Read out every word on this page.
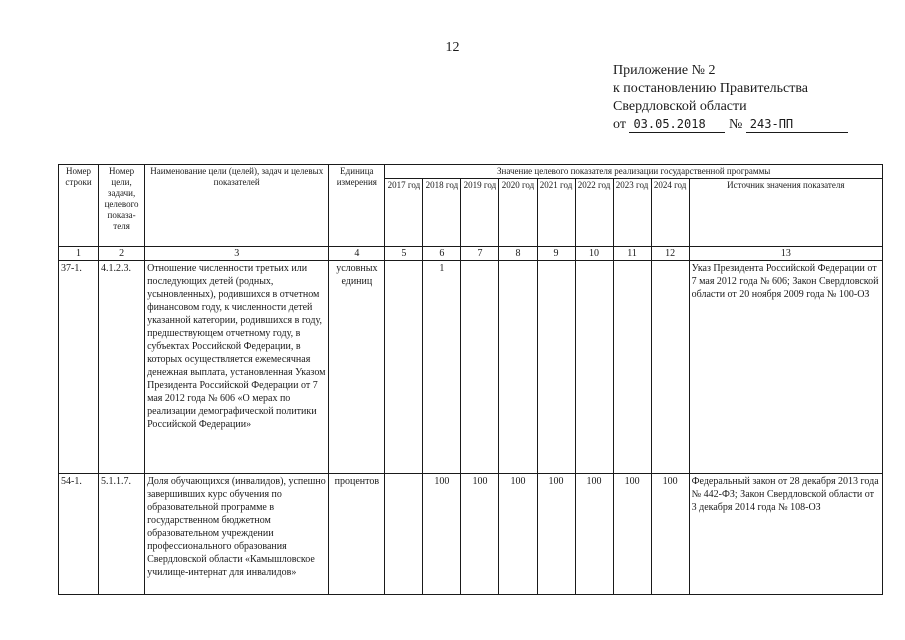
12
Приложение № 2
к постановлению Правительства
Свердловской области
от 03.05.2018 № 243-ПП
Номер строки	Номер цели, задачи, целевого показа-теля	Наименование цели (целей), задач и целевых показателей	Единица измерения	Значение целевого показателя реализации государственной программы								
				2017 год	2018 год	2019 год	2020 год	2021 год	2022 год	2023 год	2024 год	Источник значения показателя
1	2	3	4	5	6	7	8	9	10	11	12	13
37-1.	4.1.2.3.	Отношение численности третьих или последующих детей (родных, усыновленных), родившихся в отчетном финансовом году, к численности детей указанной категории, родившихся в году, предшествующем отчетному году, в субъектах Российской Федерации, в которых осуществляется ежемесячная денежная выплата, установленная Указом Президента Российской Федерации от 7 мая 2012 года № 606 «О мерах по реализации демографической политики Российской Федерации»	условных единиц		1							Указ Президента Российской Федерации от 7 мая 2012 года № 606; Закон Свердловской области от 20 ноября 2009 года № 100-ОЗ
54-1.	5.1.1.7.	Доля обучающихся (инвалидов), успешно завершивших курс обучения по образовательной программе в государственном бюджетном образовательном учреждении профессионального образования Свердловской области «Камышловское училище-интернат для инвалидов»	процентов		100	100	100	100	100	100	100	Федеральный закон от 28 декабря 2013 года № 442-ФЗ; Закон Свердловской области от 3 декабря 2014 года № 108-ОЗ
